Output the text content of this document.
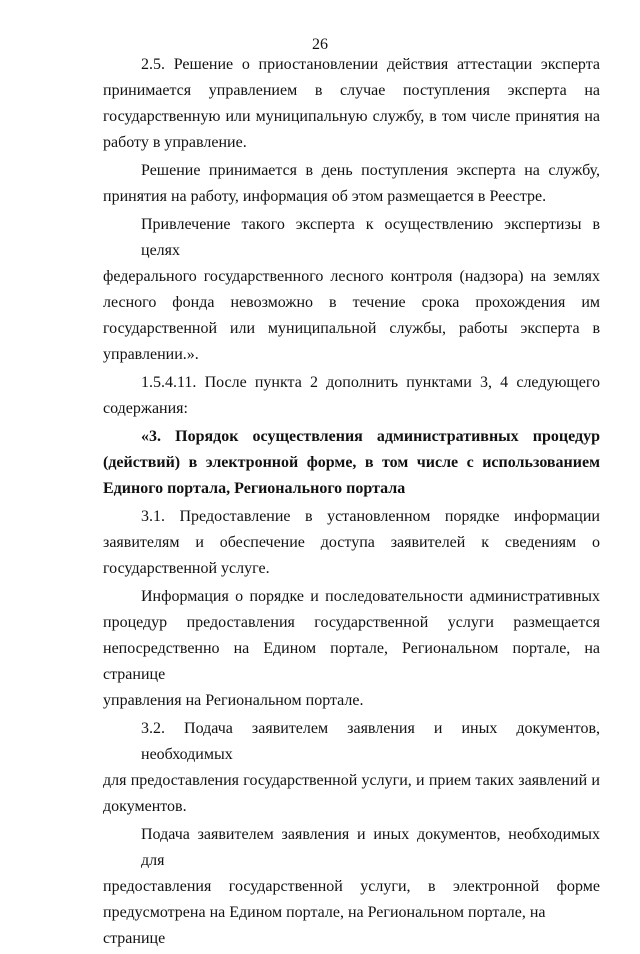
26
2.5. Решение о приостановлении действия аттестации эксперта
принимается управлением в случае поступления эксперта на
государственную или муниципальную службу, в том числе принятия на
работу в управление.
Решение принимается в день поступления эксперта на службу,
принятия на работу, информация об этом размещается в Реестре.
Привлечение такого эксперта к осуществлению экспертизы в целях
федерального государственного лесного контроля (надзора) на землях
лесного фонда невозможно в течение срока прохождения им
государственной или муниципальной службы, работы эксперта в
управлении.».
1.5.4.11. После пункта 2 дополнить пунктами 3, 4 следующего
содержания:
«3. Порядок осуществления административных процедур
(действий) в электронной форме, в том числе с использованием
Единого портала, Регионального портала
3.1. Предоставление в установленном порядке информации
заявителям и обеспечение доступа заявителей к сведениям о
государственной услуге.
Информация о порядке и последовательности административных
процедур предоставления государственной услуги размещается
непосредственно на Едином портале, Региональном портале, на странице
управления на Региональном портале.
3.2. Подача заявителем заявления и иных документов, необходимых
для предоставления государственной услуги, и прием таких заявлений и
документов.
Подача заявителем заявления и иных документов, необходимых для
предоставления государственной услуги, в электронной форме
предусмотрена на Едином портале, на Региональном портале, на странице
